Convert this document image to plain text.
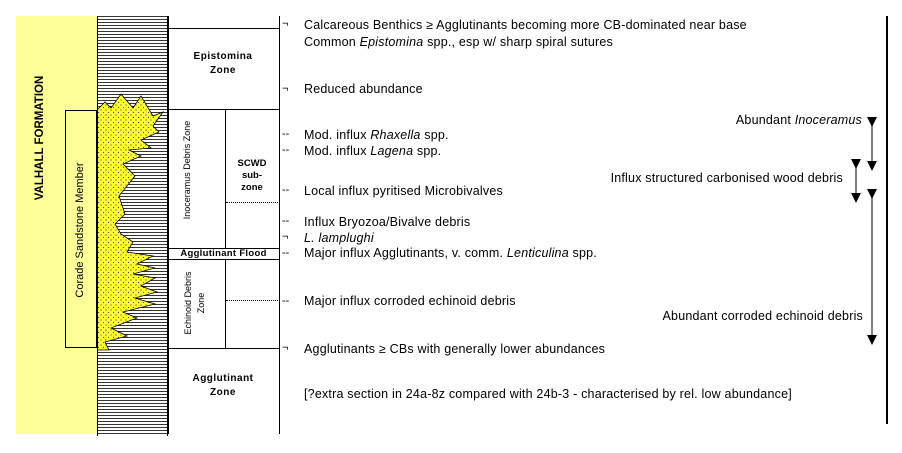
VALHALL FORMATION
Corade Sandstone Member
Epistomina
Zone
Inoceramus Debris Zone	SCWD
sub-
zone
Agglutinant Flood
Echinoid Debris Zone
Agglutinant
Zone
¬
¬
--
--
--
--
¬
--
--
¬
Calcareous Benthics ≥ Agglutinants becoming more CB-dominated near base
Common Epistomina spp., esp w/ sharp spiral sutures
Reduced abundance
Mod. influx Rhaxella spp.
Mod. influx Lagena spp.
Local influx pyritised Microbivalves
Influx Bryozoa/Bivalve debris
L. lamplughi
Major influx Agglutinants, v. comm. Lenticulina spp.
Major influx corroded echinoid debris
Agglutinants ≥ CBs with generally lower abundances
[?extra section in 24a-8z compared with 24b-3 - characterised by rel. low abundance]
Abundant Inoceramus
Influx structured carbonised wood debris
Abundant corroded echinoid debris
